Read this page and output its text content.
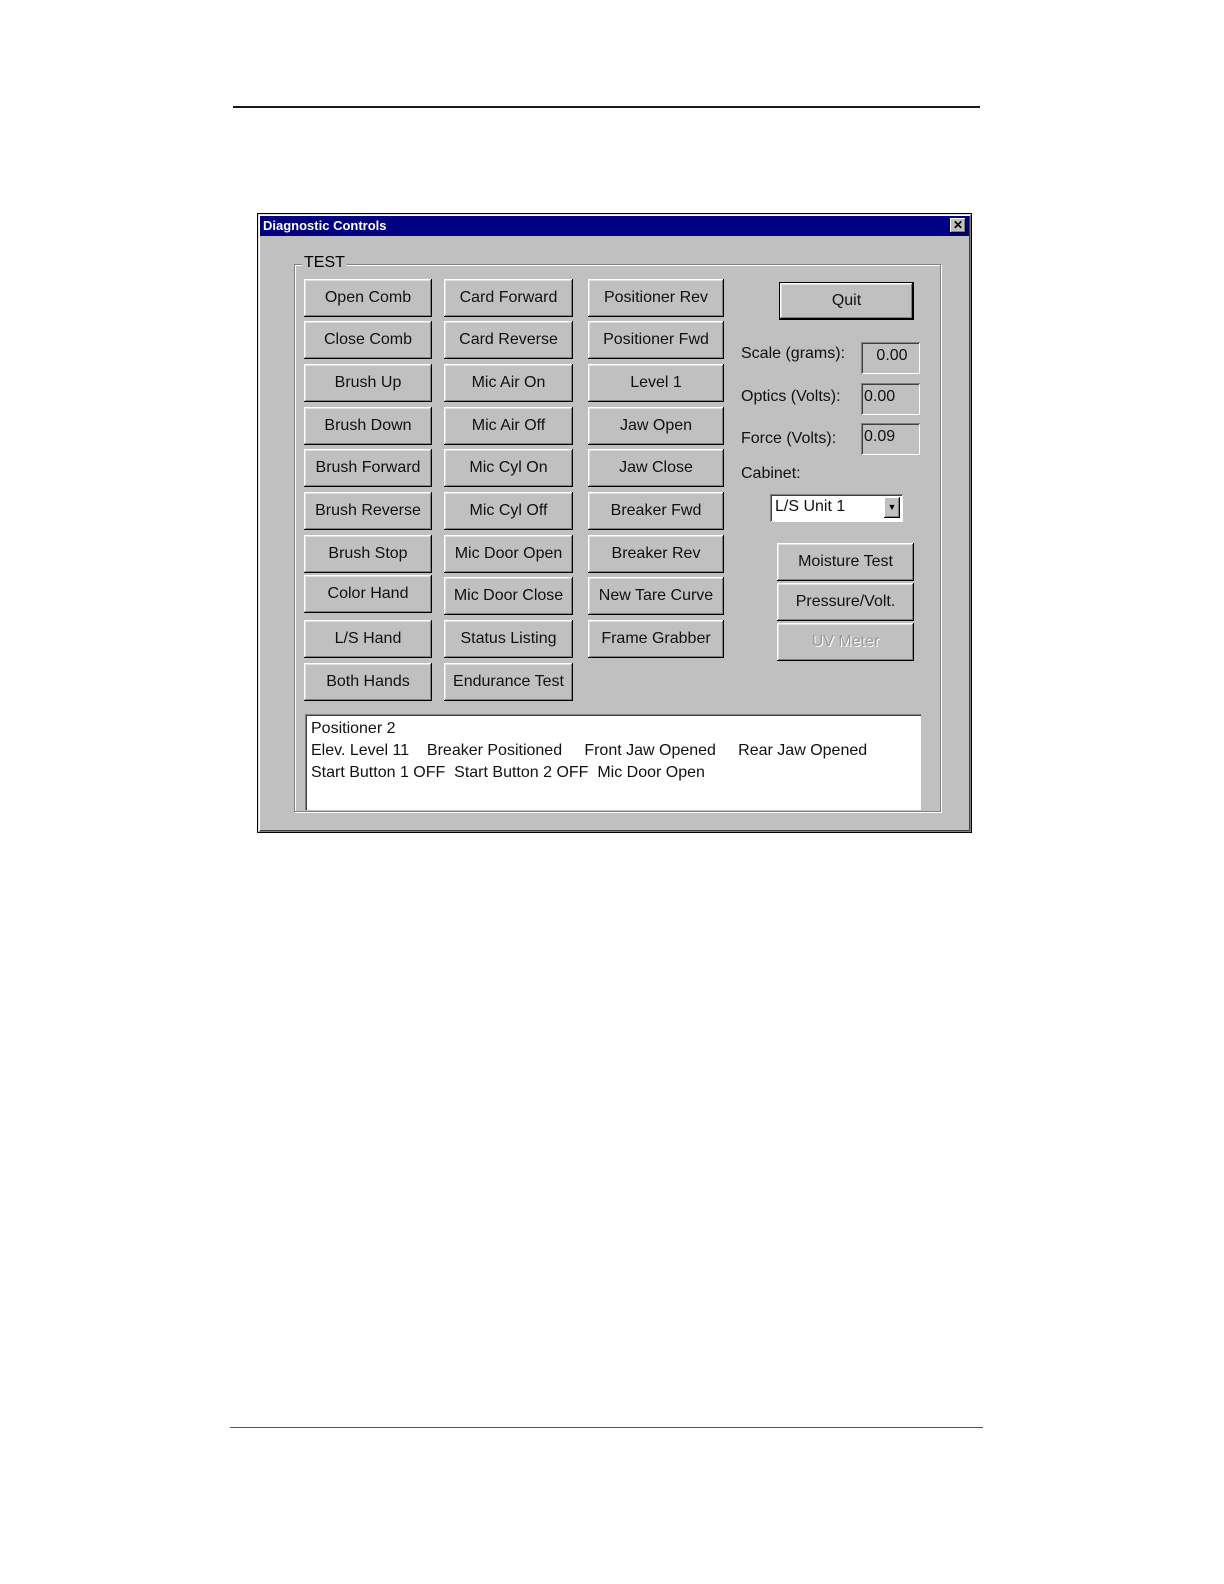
Diagnostic Controls	✕
TEST
Open Comb
Close Comb
Brush Up
Brush Down
Brush Forward
Brush Reverse
Brush Stop
Color Hand
L/S Hand
Both Hands
Card Forward
Card Reverse
Mic Air On
Mic Air Off
Mic Cyl On
Mic Cyl Off
Mic Door Open
Mic Door Close
Status Listing
Endurance Test
Positioner Rev
Positioner Fwd
Level 1
Jaw Open
Jaw Close
Breaker Fwd
Breaker Rev
New Tare Curve
Frame Grabber
Quit
Scale (grams):	0.00
Optics (Volts): 0.00
Force (Volts): 0.09
Cabinet:
L/S Unit 1	▼
Moisture Test
Pressure/Volt.
UV Meter
Positioner 2
Elev. Level 11    Breaker Positioned     Front Jaw Opened     Rear Jaw Opened
Start Button 1 OFF  Start Button 2 OFF  Mic Door Open
